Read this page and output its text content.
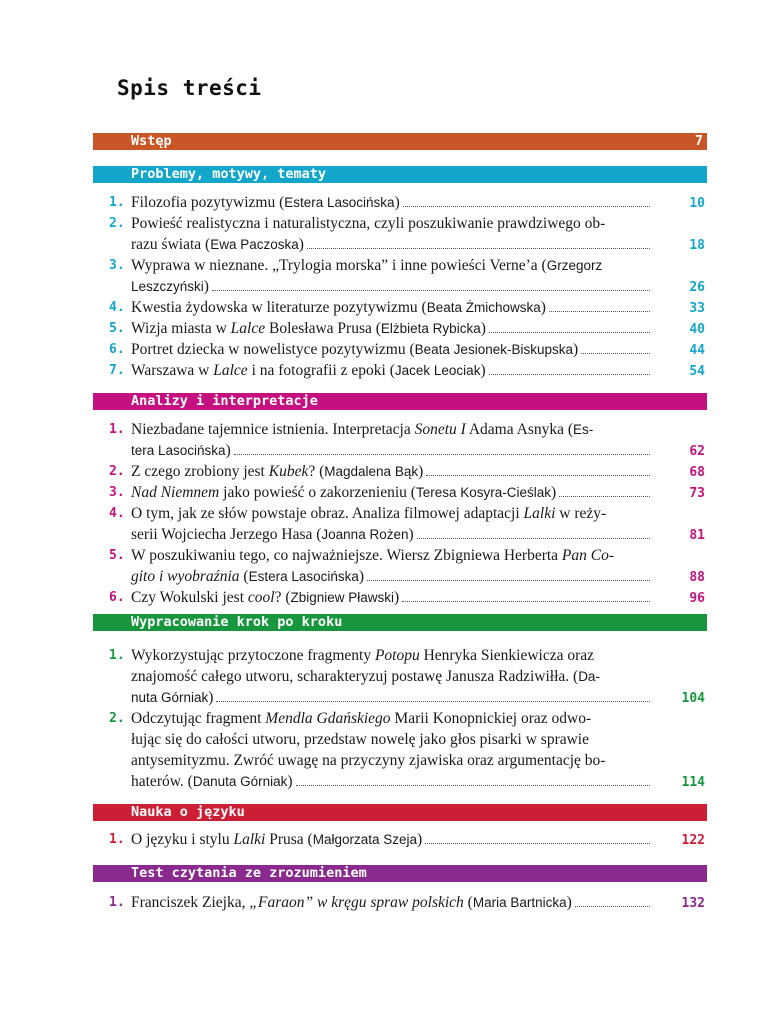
Spis treści
Wstęp	7
Problemy, motywy, tematy
1. Filozofia pozytywizmu (Estera Lasocińska)	10
2. Powieść realistyczna i naturalistyczna, czyli poszukiwanie prawdziwego ob-
razu świata (Ewa Paczoska)	18
3. Wyprawa w nieznane. „Trylogia morska” i inne powieści Verne’a (Grzegorz
Leszczyński)	26
4. Kwestia żydowska w literaturze pozytywizmu (Beata Żmichowska)	33
5. Wizja miasta w Lalce Bolesława Prusa (Elżbieta Rybicka)	40
6. Portret dziecka w nowelistyce pozytywizmu (Beata Jesionek-Biskupska)	44
7. Warszawa w Lalce i na fotografii z epoki (Jacek Leociak)	54
Analizy i interpretacje
1. Niezbadane tajemnice istnienia. Interpretacja Sonetu I Adama Asnyka (Es-
tera Lasocińska)	62
2. Z czego zrobiony jest Kubek? (Magdalena Bąk)	68
3. Nad Niemnem jako powieść o zakorzenieniu (Teresa Kosyra-Cieślak)	73
4. O tym, jak ze słów powstaje obraz. Analiza filmowej adaptacji Lalki w reży-
serii Wojciecha Jerzego Hasa (Joanna Rożen)	81
5. W poszukiwaniu tego, co najważniejsze. Wiersz Zbigniewa Herberta Pan Co-
gito i wyobraźnia (Estera Lasocińska)	88
6. Czy Wokulski jest cool? (Zbigniew Pławski)	96
Wypracowanie krok po kroku
1. Wykorzystując przytoczone fragmenty Potopu Henryka Sienkiewicza oraz
znajomość całego utworu, scharakteryzuj postawę Janusza Radziwiłła. (Da-
nuta Górniak)	104
2. Odczytując fragment Mendla Gdańskiego Marii Konopnickiej oraz odwo-
łując się do całości utworu, przedstaw nowelę jako głos pisarki w sprawie
antysemityzmu. Zwróć uwagę na przyczyny zjawiska oraz argumentację bo-
haterów. (Danuta Górniak)	114
Nauka o języku
1. O języku i stylu Lalki Prusa (Małgorzata Szeja)	122
Test czytania ze zrozumieniem
1. Franciszek Ziejka, „Faraon” w kręgu spraw polskich (Maria Bartnicka)	132
